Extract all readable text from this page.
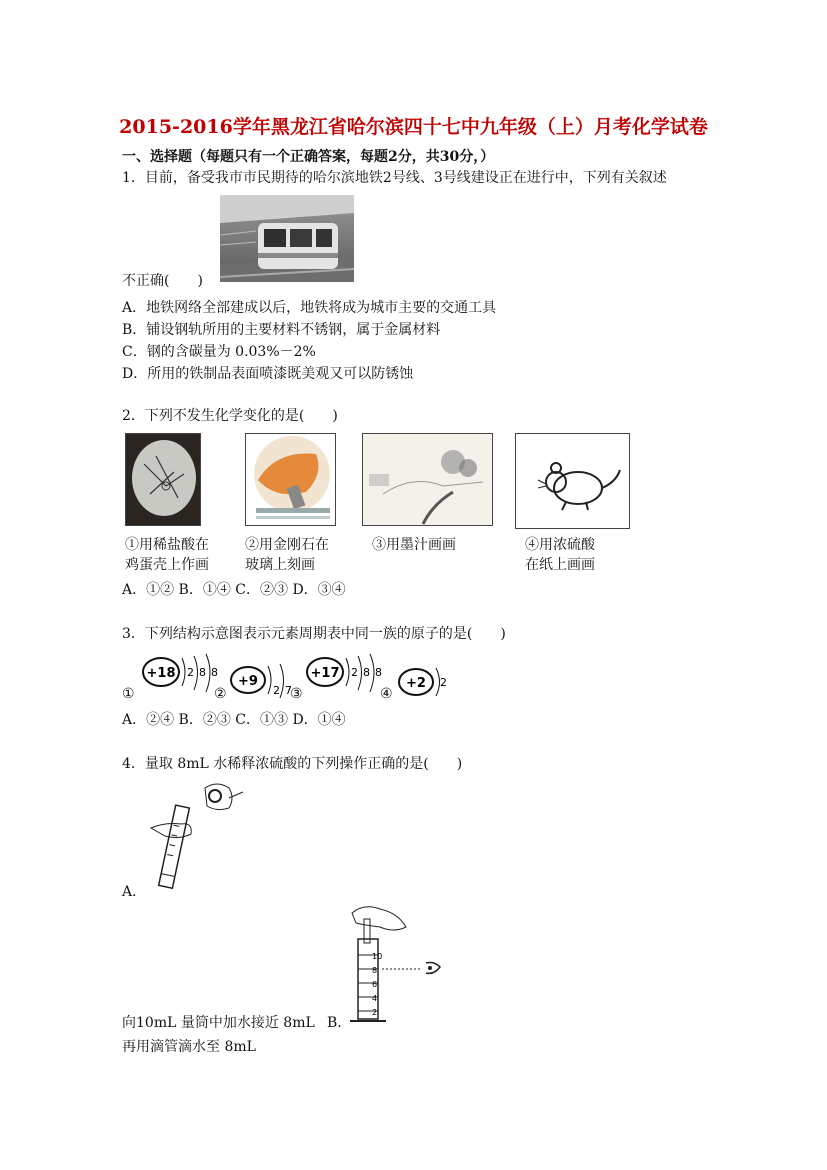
2015-2016学年黑龙江省哈尔滨四十七中九年级（上）月考化学试卷
一、选择题（每题只有一个正确答案，每题2分，共30分，）
1．目前，备受我市市民期待的哈尔滨地铁2号线、3号线建设正在进行中，下列有关叙述
不正确(　　)
A．地铁网络全部建成以后，地铁将成为城市主要的交通工具
B．铺设钢轨所用的主要材料不锈钢，属于金属材料
C．钢的含碳量为 0.03%－2%
D．所用的铁制品表面喷漆既美观又可以防锈蚀
2．下列不发生化学变化的是(　　)
①用稀盐酸在
鸡蛋壳上作画
②用金刚石在
玻璃上刻画
③用墨汁画画	④用浓硫酸
在纸上画画
A．①② B．①④ C．②③ D．③④
3．下列结构示意图表示元素周期表中同一族的原子的是(　　)
①
+18 2 8 8
②
+9
2 7
③
+17 2 8 8
④
+2 2
A．②④ B．②③ C．①③ D．①④
4．量取 8mL 水稀释浓硫酸的下列操作正确的是(　　)
A．
10
8
6
4
2
向10mL 量筒中加水接近 8mL B．
再用滴管滴水至 8mL
